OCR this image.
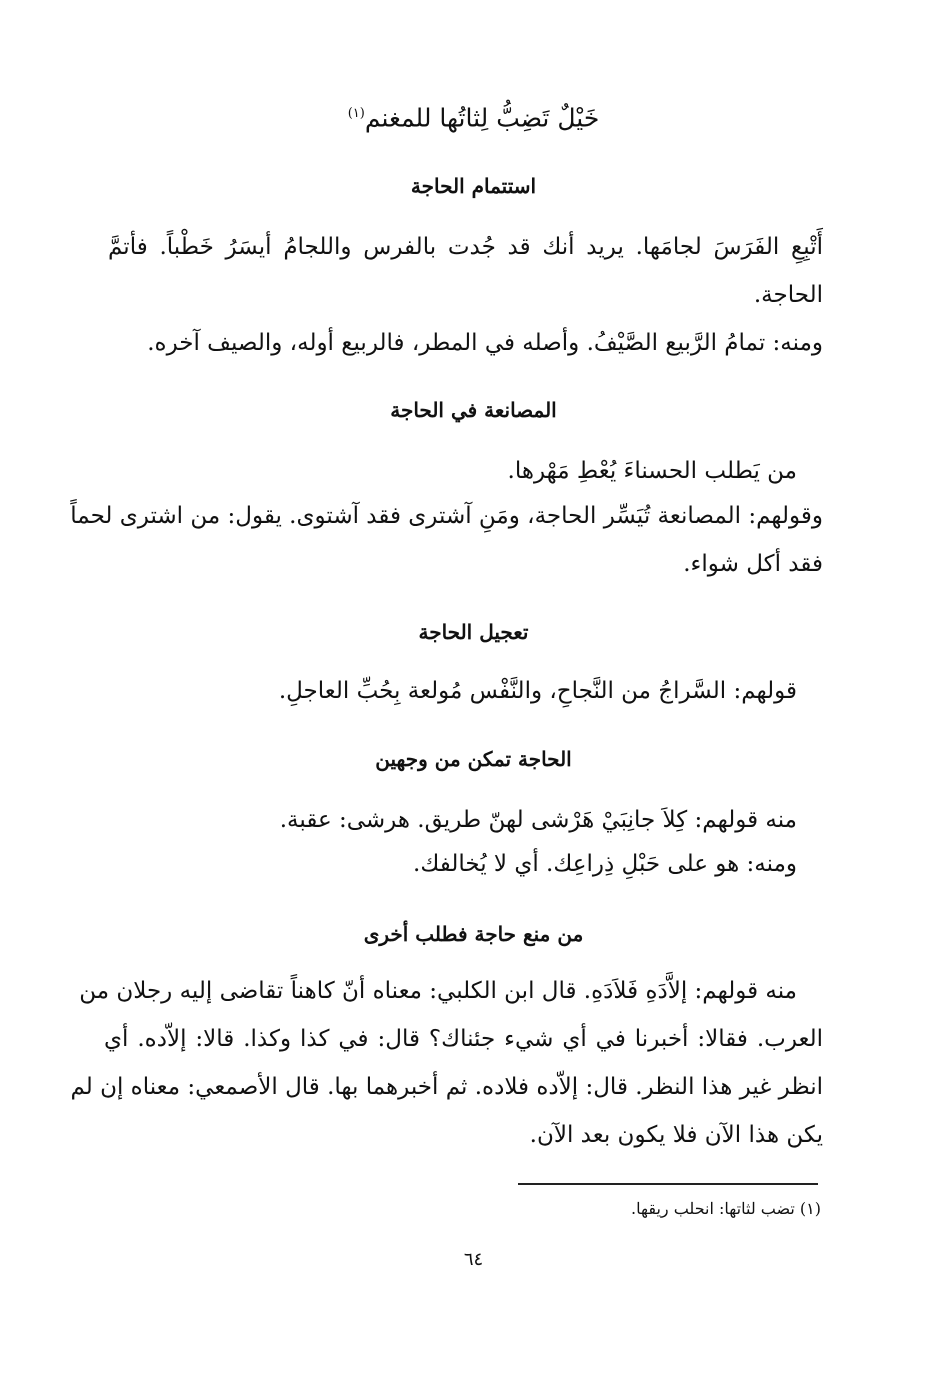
خَيْلٌ تَضِبُّ لِثاتُها للمغنم$^{(١)}$
استتمام الحاجة
أَتْبِعِ الفَرَسَ لجامَها. يريد أنك قد جُدت بالفرس واللجامُ أيسَرُ خَطْباً. فأتمَّ
الحاجة.
ومنه: تمامُ الرَّبيع الصَّيْفُ. وأصله في المطر، فالربيع أوله، والصيف آخره.
المصانعة في الحاجة
من يَطلب الحسناءَ يُعْطِ مَهْرها.
وقولهم: المصانعة تُيَسِّر الحاجة، ومَنِ آشترى فقد آشتوى. يقول: من اشترى لحماً
فقد أكل شواء.
تعجيل الحاجة
قولهم: السَّراجُ من النَّجاحِ، والنَّفْس مُولعة بِحُبِّ العاجلِ.
الحاجة تمكن من وجهين
منه قولهم: كِلاَ جانِبَيْ هَرْشى لهنّ طريق. هرشى: عقبة.
ومنه: هو على حَبْلِ ذِراعِك. أي لا يُخالفك.
من منع حاجة فطلب أخرى
منه قولهم: إلاَّدَهِ فَلاَدَهِ. قال ابن الكلبي: معناه أنّ كاهناً تقاضى إليه رجلان من
العرب. فقالا: أخبرنا في أي شيء جئناك؟ قال: في كذا وكذا. قالا: إلاّده. أي
انظر غير هذا النظر. قال: إلاّده فلاده. ثم أخبرهما بها. قال الأصمعي: معناه إن لم
يكن هذا الآن فلا يكون بعد الآن.
(١) تضب لثاتها: انحلب ريقها.
٦٤
